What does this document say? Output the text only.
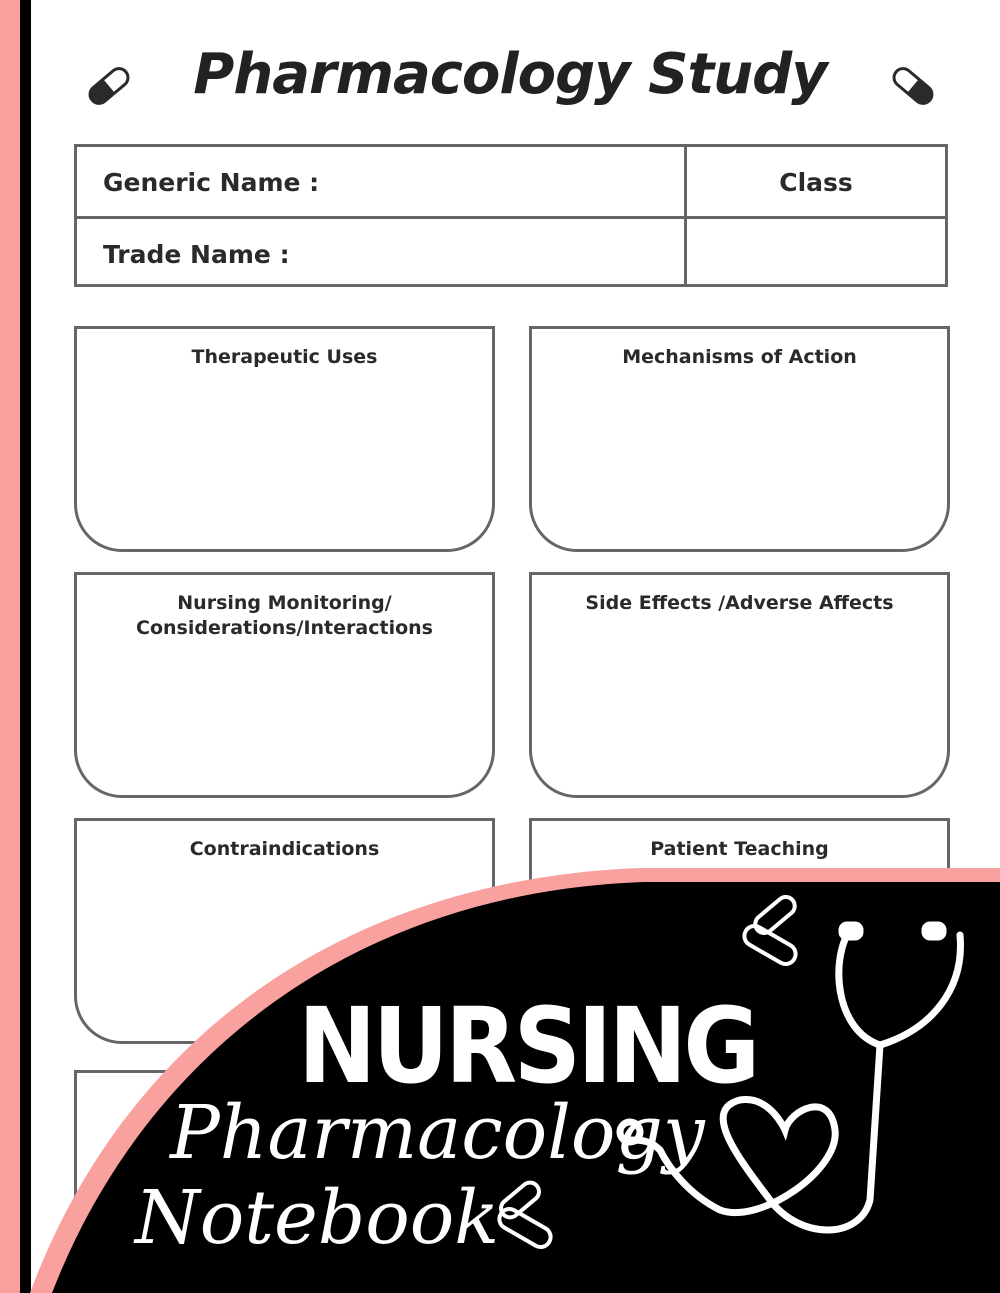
Pharmacology Study
Generic Name :
Trade Name :
Class
Therapeutic Uses	Mechanisms of Action
Nursing Monitoring/
Considerations/Interactions
Side Effects /Adverse Affects
Contraindications	Patient Teaching
NURSING
Pharmacology
Notebook
